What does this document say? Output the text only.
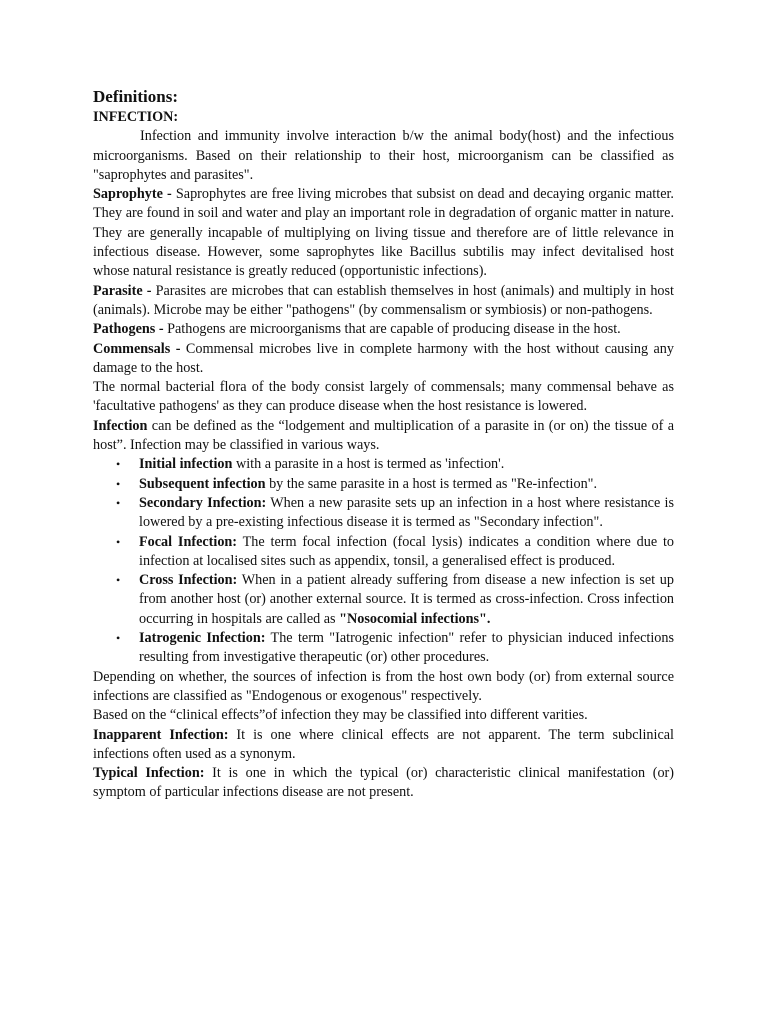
Definitions:
INFECTION:

Infection and immunity involve interaction b/w the animal body(host) and the infectious microorganisms. Based on their relationship to their host, microorganism can be classified as "saprophytes and parasites".

Saprophyte - Saprophytes are free living microbes that subsist on dead and decaying organic matter. They are found in soil and water and play an important role in degradation of organic matter in nature. They are generally incapable of multiplying on living tissue and therefore are of little relevance in infectious disease. However, some saprophytes like Bacillus subtilis may infect devitalised host whose natural resistance is greatly reduced (opportunistic infections).

Parasite - Parasites are microbes that can establish themselves in host (animals) and multiply in host (animals). Microbe may be either "pathogens" (by commensalism or symbiosis) or non-pathogens.

Pathogens - Pathogens are microorganisms that are capable of producing disease in the host.

Commensals - Commensal microbes live in complete harmony with the host without causing any damage to the host.

The normal bacterial flora of the body consist largely of commensals; many commensal behave as 'facultative pathogens' as they can produce disease when the host resistance is lowered.

Infection can be defined as the “lodgement and multiplication of a parasite in (or on) the tissue of a host”. Infection may be classified in various ways.

• Initial infection with a parasite in a host is termed as 'infection'.
• Subsequent infection by the same parasite in a host is termed as "Re-infection".
• Secondary Infection: When a new parasite sets up an infection in a host where resistance is lowered by a pre-existing infectious disease it is termed as "Secondary infection".
• Focal Infection: The term focal infection (focal lysis) indicates a condition where due to infection at localised sites such as appendix, tonsil, a generalised effect is produced.
• Cross Infection: When in a patient already suffering from disease a new infection is set up from another host (or) another external source. It is termed as cross-infection. Cross infection occurring in hospitals are called as "Nosocomial infections".
• Iatrogenic Infection: The term "Iatrogenic infection" refer to physician induced infections resulting from investigative therapeutic (or) other procedures.

Depending on whether, the sources of infection is from the host own body (or) from external source infections are classified as "Endogenous or exogenous" respectively.

Based on the “clinical effects”of infection they may be classified into different varities.

Inapparent Infection: It is one where clinical effects are not apparent. The term subclinical infections often used as a synonym.

Typical Infection: It is one in which the typical (or) characteristic clinical manifestation (or) symptom of particular infections disease are not present.
